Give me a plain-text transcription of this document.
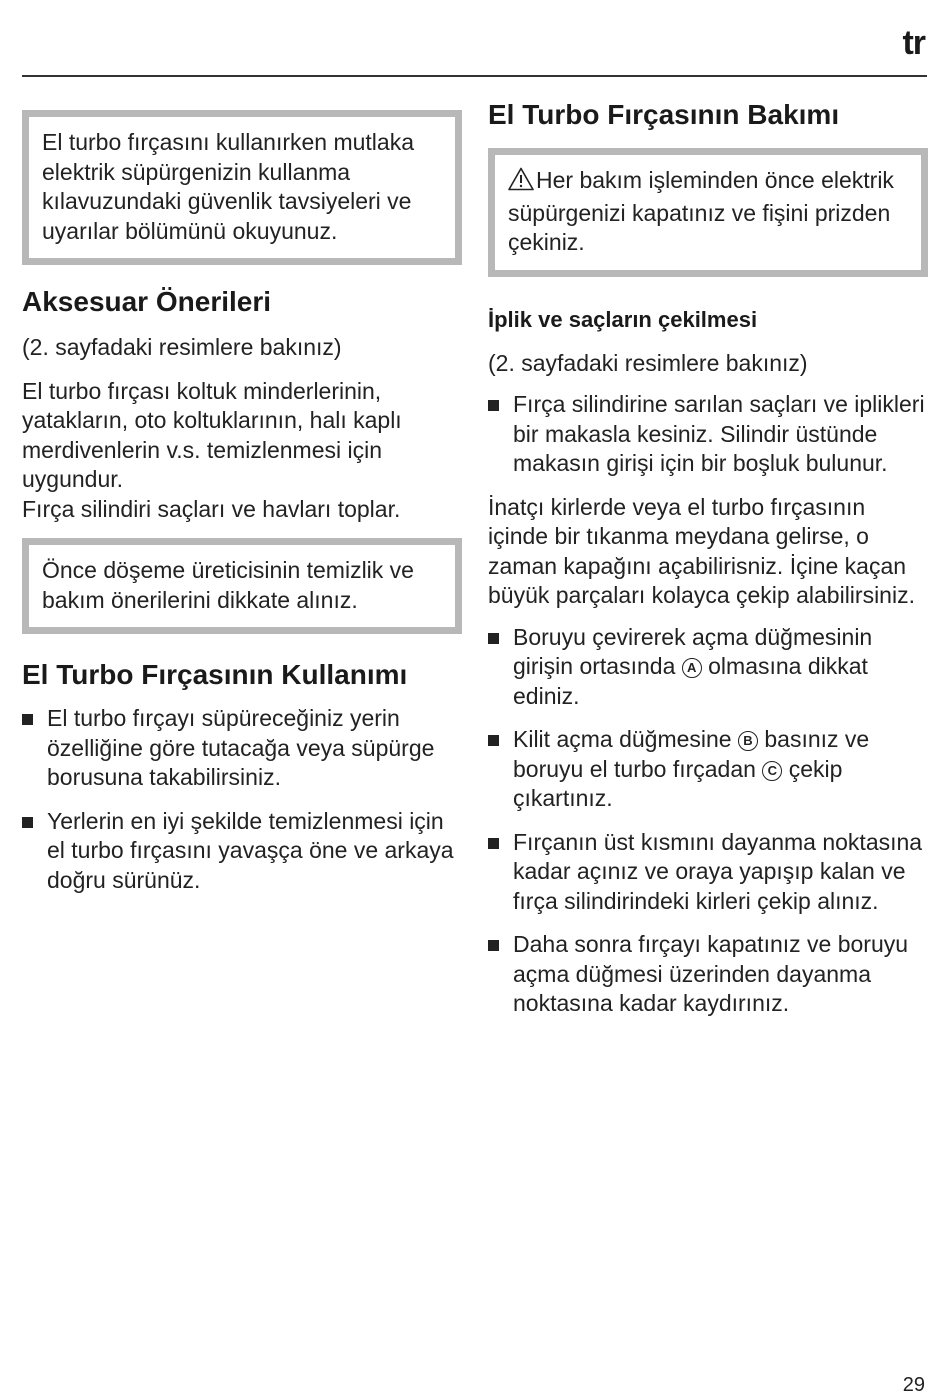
tr
El turbo fırçasını kullanırken mutlaka elektrik süpürgenizin kullanma kılavuzundaki güvenlik tavsiyeleri ve uyarılar bölümünü okuyunuz.
Aksesuar Önerileri

(2. sayfadaki resimlere bakınız)

El turbo fırçası koltuk minderlerinin, yatakların, oto koltuklarının, halı kaplı merdivenlerin v.s. temizlenmesi için uygundur.

Fırça silindiri saçları ve havları toplar.

Önce döşeme üreticisinin temizlik ve bakım önerilerini dikkate alınız.
El Turbo Fırçasının Kullanımı
El turbo fırçayı süpüreceğiniz yerin özelliğine göre tutacağa veya süpürge borusuna takabilirsiniz.
Yerlerin en iyi şekilde temizlenmesi için el turbo fırçasını yavaşça öne ve arkaya doğru sürünüz.
El Turbo Fırçasının Bakımı
Her bakım işleminden önce elektrik süpürgenizi kapatınız ve fişini prizden çekiniz.
İplik ve saçların çekilmesi

(2. sayfadaki resimlere bakınız)

Fırça silindirine sarılan saçları ve iplikleri bir makasla kesiniz. Silindir üstünde makasın girişi için bir boşluk bulunur.

İnatçı kirlerde veya el turbo fırçasının içinde bir tıkanma meydana gelirse, o zaman kapağını açabilirisniz. İçine kaçan büyük parçaları kolayca çekip alabilirsiniz.

Boruyu çevirerek açma düğmesinin girişin ortasında A olmasına dikkat ediniz.
Kilit açma düğmesine B basınız ve boruyu el turbo fırçadan C çekip çıkartınız.
Fırçanın üst kısmını dayanma noktasına kadar açınız ve oraya yapışıp kalan ve fırça silindirindeki kirleri çekip alınız.
Daha sonra fırçayı kapatınız ve boruyu açma düğmesi üzerinden dayanma noktasına kadar kaydırınız.
29
